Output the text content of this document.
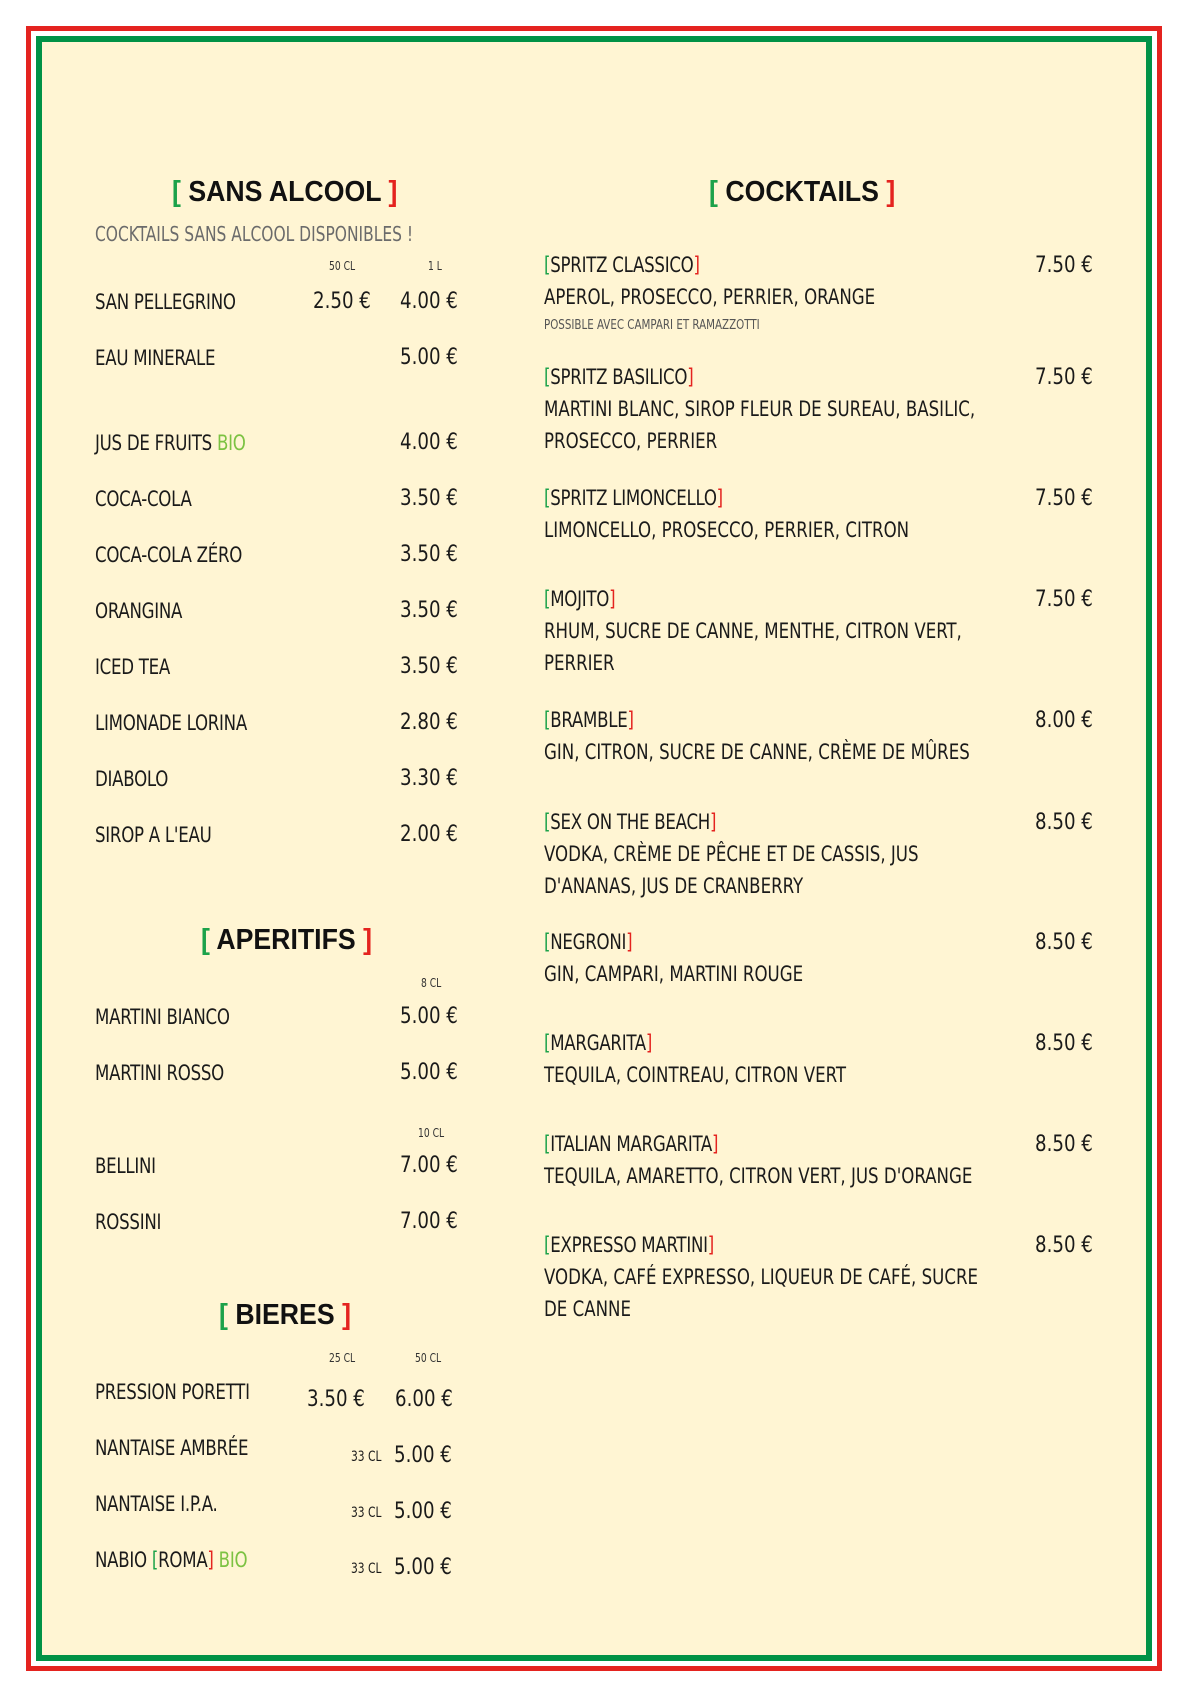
[ SANS ALCOOL ]
COCKTAILS SANS ALCOOL DISPONIBLES !
50 CL	1 L
SAN PELLEGRINO	2.50 € 4.00 €
EAU MINERALE	5.00 €
JUS DE FRUITS BIO	4.00 €
COCA-COLA	3.50 €
COCA-COLA ZÉRO	3.50 €
ORANGINA	3.50 €
ICED TEA	3.50 €
LIMONADE LORINA	2.80 €
DIABOLO	3.30 €
SIROP A L'EAU	2.00 €
[ APERITIFS ]
8 CL
10 CL
MARTINI BIANCO	5.00 €
MARTINI ROSSO	5.00 €
BELLINI	7.00 €
ROSSINI	7.00 €
[ BIERES ]
25 CL	50 CL
PRESSION PORETTI	3.50 € 6.00 €
NANTAISE AMBRÉE	33 CL 5.00 €
NANTAISE I.P.A.	33 CL 5.00 €
NABIO [ROMA] BIO	33 CL 5.00 €
[ COCKTAILS ]
[SPRITZ CLASSICO]	7.50 €
APEROL, PROSECCO, PERRIER, ORANGE
POSSIBLE AVEC CAMPARI ET RAMAZZOTTI
[SPRITZ BASILICO]	7.50 €
MARTINI BLANC, SIROP FLEUR DE SUREAU, BASILIC, PROSECCO, PERRIER
[SPRITZ LIMONCELLO]	7.50 €
LIMONCELLO, PROSECCO, PERRIER, CITRON
[MOJITO]	7.50 €
RHUM, SUCRE DE CANNE, MENTHE, CITRON VERT, PERRIER
[BRAMBLE]	8.00 €
GIN, CITRON, SUCRE DE CANNE, CRÈME DE MÛRES
[SEX ON THE BEACH]	8.50 €
VODKA, CRÈME DE PÊCHE ET DE CASSIS, JUS D'ANANAS, JUS DE CRANBERRY
[NEGRONI]	8.50 €
GIN, CAMPARI, MARTINI ROUGE
[MARGARITA]	8.50 €
TEQUILA, COINTREAU, CITRON VERT
[ITALIAN MARGARITA]	8.50 €
TEQUILA, AMARETTO, CITRON VERT, JUS D'ORANGE
[EXPRESSO MARTINI]	8.50 €
VODKA, CAFÉ EXPRESSO, LIQUEUR DE CAFÉ, SUCRE DE CANNE
